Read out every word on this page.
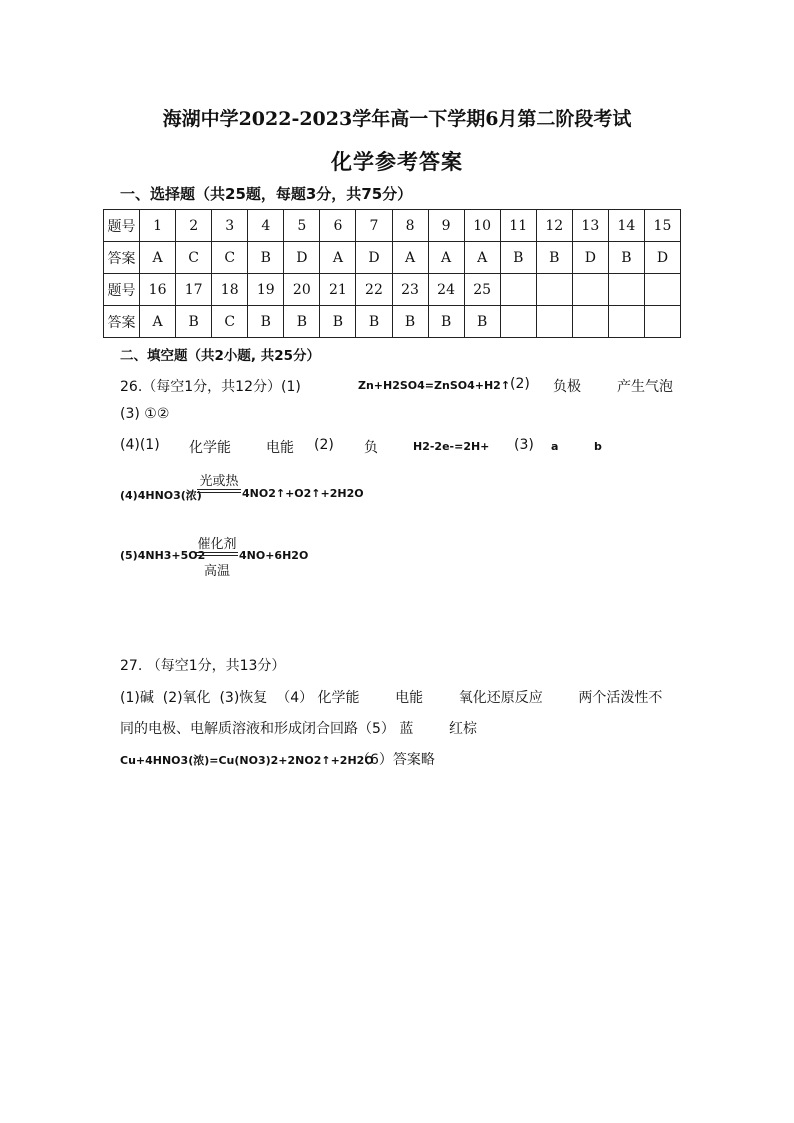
海湖中学2022-2023学年高一下学期6月第二阶段考试
化学参考答案
一、选择题（共25题，每题3分，共75分）
题号	1	2	3	4	5	6	7	8	9	10	11	12	13	14	15
答案	A	C	C	B	D	A	D	A	A	A	B	B	D	B	D
题号	16	17	18	19	20	21	22	23	24	25					
答案	A	B	C	B	B	B	B	B	B	B					
二、填空题（共2小题, 共25分）
26.（每空1分，共12分）(1)	Zn+H2SO4=ZnSO4+H2↑ (2) 负极	产生气泡
(3) ①②
(4)(1) 化学能	电能 (2) 负	H2-2e-=2H+ (3) a	b
(4)4HNO3(浓)
光或热
4NO2↑+O2↑+2H2O
(5)4NH3+5O2
催化剂
高温
4NO+6H2O
27. （每空1分，共13分）
(1)碱  (2)氧化  (3)恢复  （4） 化学能        电能        氧化还原反应        两个活泼性不
同的电极、电解质溶液和形成闭合回路（5） 蓝        红棕
Cu+4HNO3(浓)=Cu(NO3)2+2NO2↑+2H2O
（6）答案略
